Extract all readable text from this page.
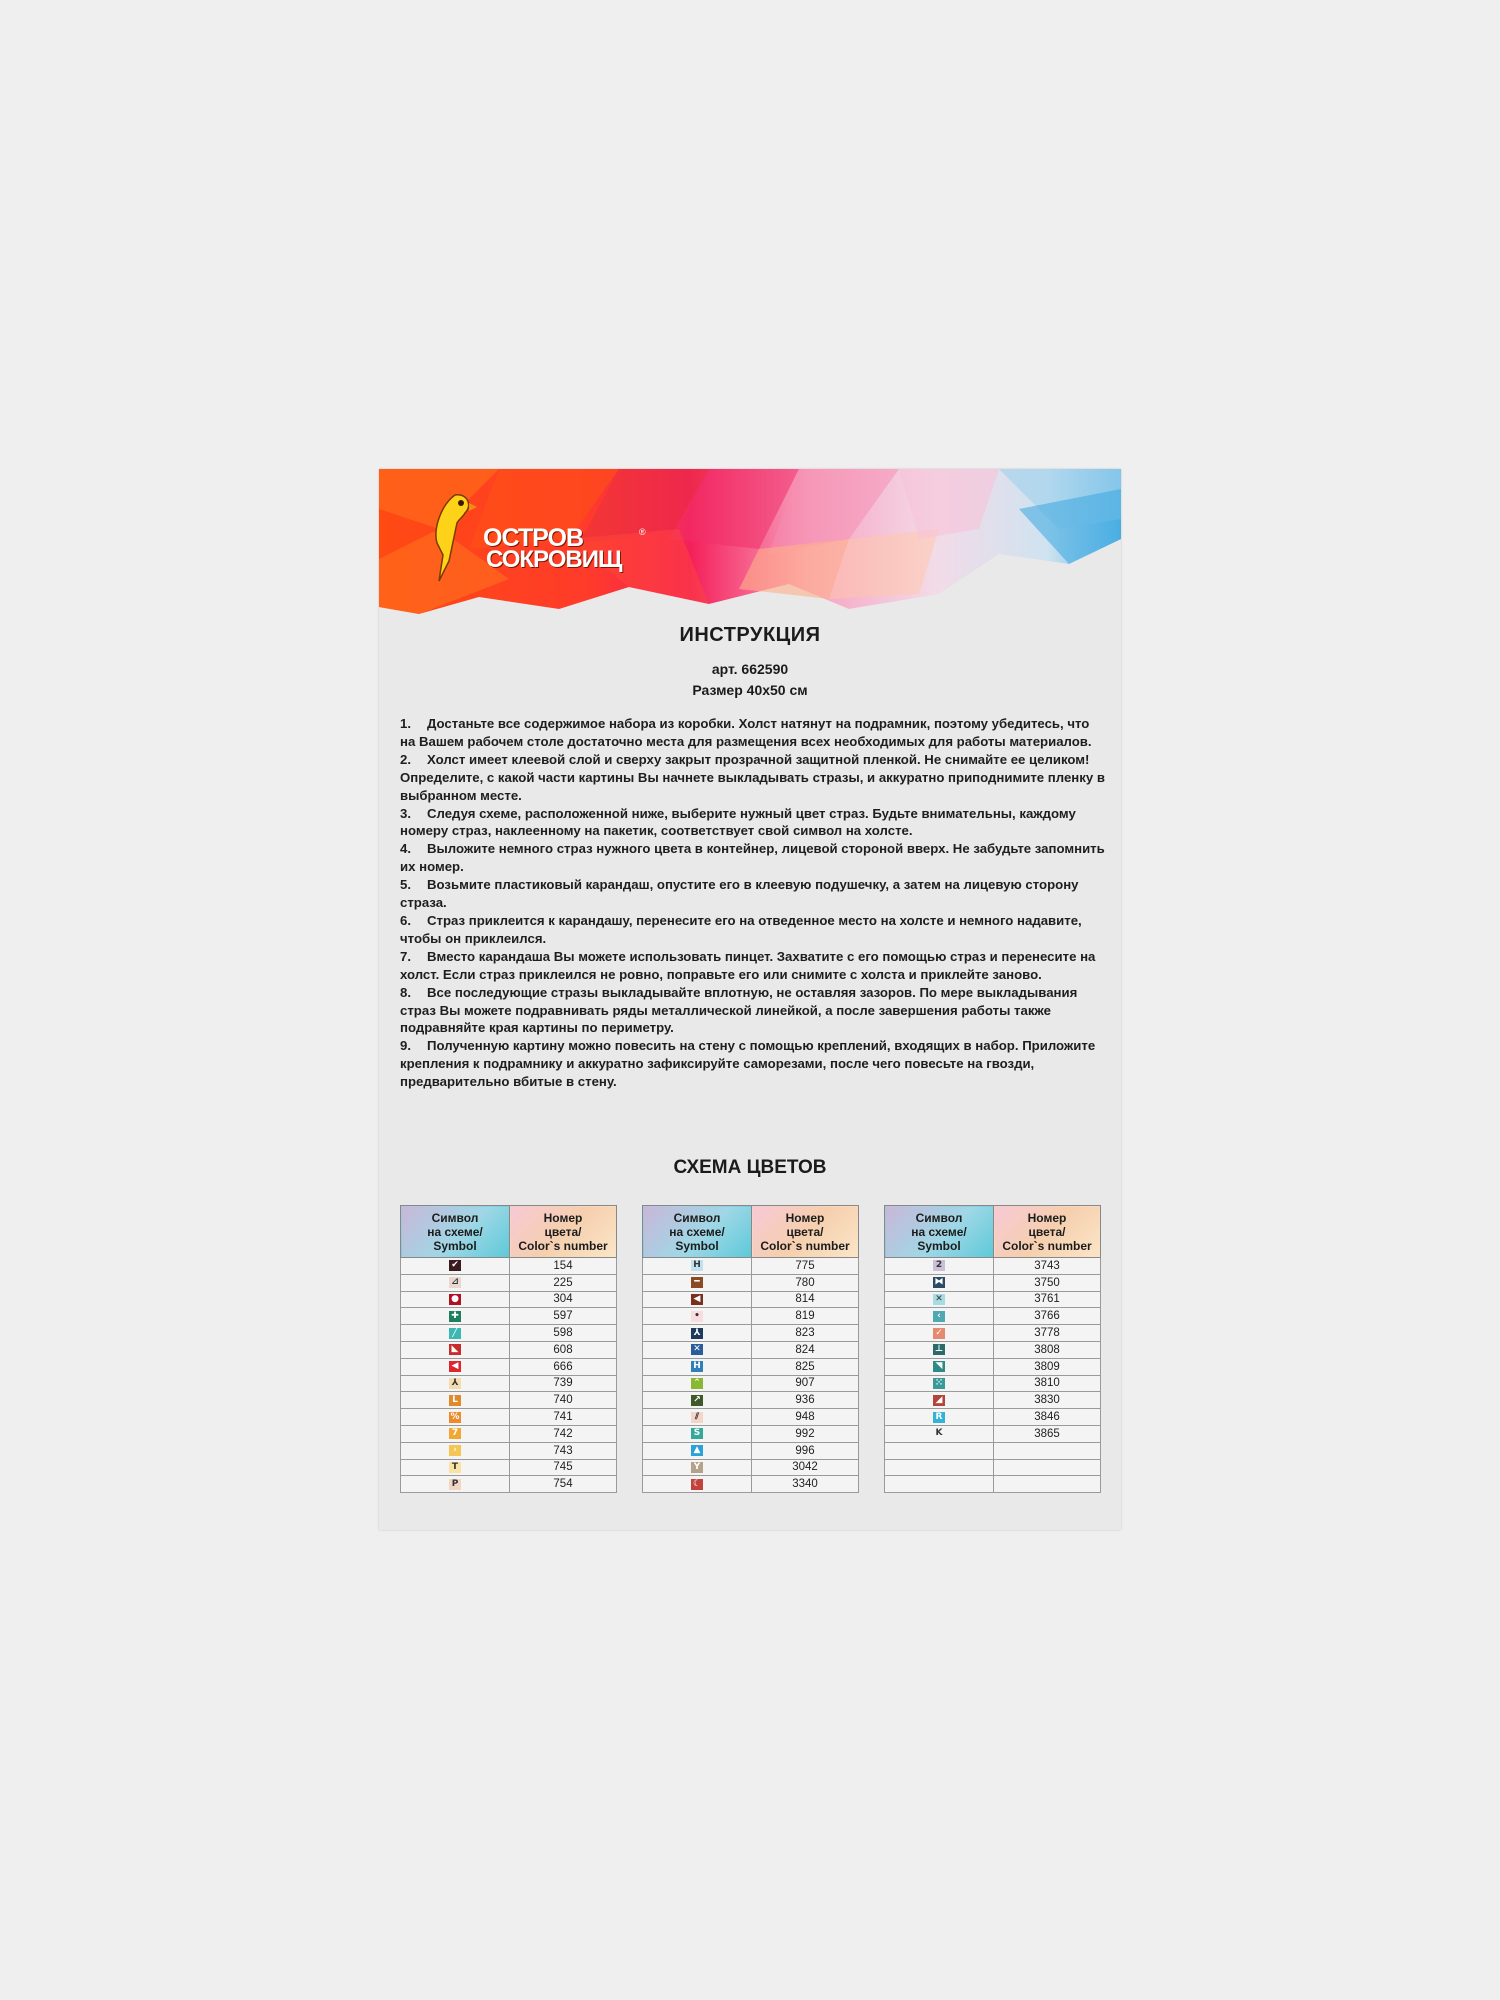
ОСТРОВ
СОКРОВИЩ
®
ИНСТРУКЦИЯ
арт. 662590
Размер 40х50 см

1. Достаньте все содержимое набора из коробки. Холст натянут на подрамник, поэтому убедитесь, что на Вашем рабочем столе достаточно места для размещения всех необходимых для работы материалов.

2. Холст имеет клеевой слой и сверху закрыт прозрачной защитной пленкой. Не снимайте ее целиком! Определите, с какой части картины Вы начнете выкладывать стразы, и аккуратно приподнимите пленку в выбранном месте.

3. Следуя схеме, расположенной ниже, выберите нужный цвет страз. Будьте внимательны, каждому номеру страз, наклеенному на пакетик, соответствует свой символ на холсте.

4. Выложите немного страз нужного цвета в контейнер, лицевой стороной вверх. Не забудьте запомнить их номер.

5. Возьмите пластиковый карандаш, опустите его в клеевую подушечку, а затем на лицевую сторону страза.

6. Страз приклеится к карандашу, перенесите его на отведенное место на холсте и немного надавите, чтобы он приклеился.

7. Вместо карандаша Вы можете использовать пинцет. Захватите с его помощью страз и перенесите на холст. Если страз приклеился не ровно, поправьте его или снимите с холста и приклейте заново.

8. Все последующие стразы выкладывайте вплотную, не оставляя зазоров. По мере выкладывания страз Вы можете подравнивать ряды металлической линейкой, а после завершения работы также подравняйте края картины по периметру.

9. Полученную картину можно повесить на стену с помощью креплений, входящих в набор. Приложите крепления к подрамнику и аккуратно зафиксируйте саморезами, после чего повесьте на гвозди, предварительно вбитые в стену.

СХЕМА ЦВЕТОВ
Символ
на схеме/
Symbol	Номер
цвета/
Color`s number
✔	154
⊿	225
●	304
✚	597
╱	598
◣	608
◀	666
⅄	739
L	740
%	741
7	742
›	743
T	745
P	754
Символ
на схеме/
Symbol	Номер
цвета/
Color`s number
H	775
━	780
◀	814
•	819
⅄	823
✕	824
H	825
⌃	907
↗	936
⫽	948
S	992
▲	996
Y	3042
☾	3340
Символ
на схеме/
Symbol	Номер
цвета/
Color`s number
2	3743
⧓	3750
✕	3761
‹	3766
✓	3778
⊥	3808
◥	3809
⁙	3810
◢	3830
R	3846
K	3865
